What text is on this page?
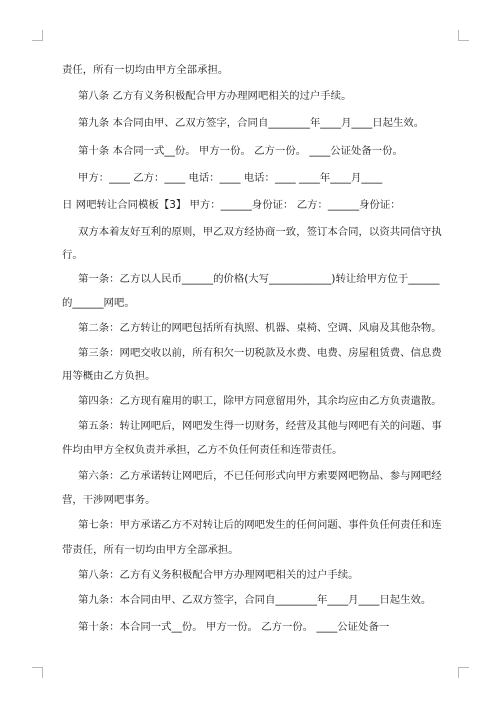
责任，所有一切均由甲方全部承担。
第八条 乙方有义务积极配合甲方办理网吧相关的过户手续。
第九条 本合同由甲、乙双方签字，合同自________年____月____日起生效。
第十条 本合同一式__份。 甲方一份。 乙方一份。 ____公证处备一份。
甲方：____ 乙方：____ 电话：____ 电话：____ ____年____月____
日 网吧转让合同模板【3】 甲方：______身份证： 乙方：______身份证：
双方本着友好互利的原则，甲乙双方经协商一致，签订本合同，以资共同信守执
行。
第一条：乙方以人民币______的价格(大写____________)转让给甲方位于______
的______网吧。
第二条：乙方转让的网吧包括所有执照、机器、桌椅、空调、风扇及其他杂物。
第三条：网吧交收以前，所有积欠一切税款及水费、电费、房屋租赁费、信息费
用等概由乙方负担。
第四条：乙方现有雇用的职工，除甲方同意留用外，其余均应由乙方负责遣散。
第五条：转让网吧后，网吧发生得一切财务，经营及其他与网吧有关的问题、事
件均由甲方全权负责并承担，乙方不负任何责任和连带责任。
第六条：乙方承诺转让网吧后，不已任何形式向甲方索要网吧物品、参与网吧经
营，干涉网吧事务。
第七条：甲方承诺乙方不对转让后的网吧发生的任何问题、事件负任何责任和连
带责任，所有一切均由甲方全部承担。
第八条：乙方有义务积极配合甲方办理网吧相关的过户手续。
第九条：本合同由甲、乙双方签字，合同自________年____月____日起生效。
第十条：本合同一式__份。 甲方一份。 乙方一份。 ____公证处备一
